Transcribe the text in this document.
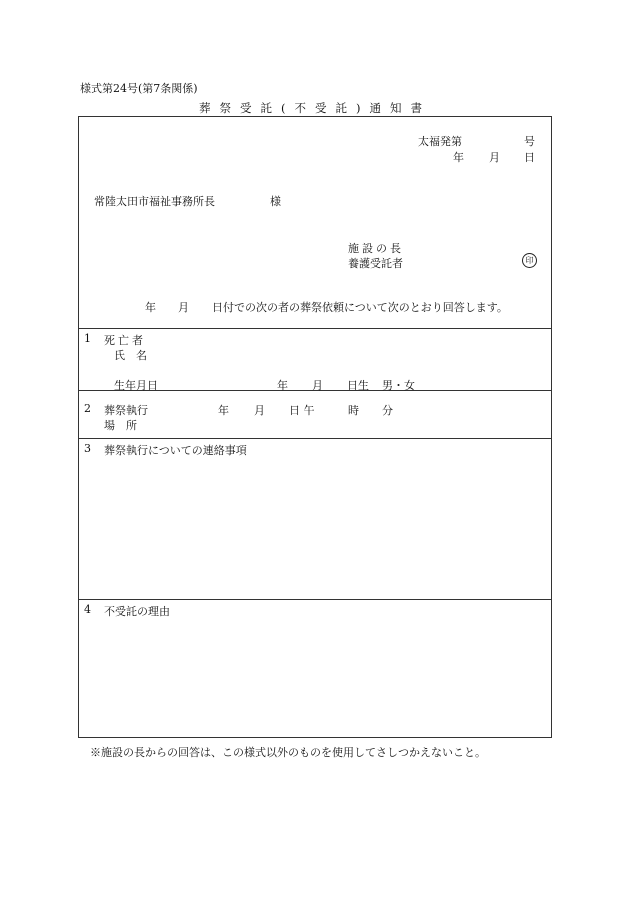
様式第24号(第7条関係)
葬祭受託(不受託)通知書
太福発第	号
年 月 日
常陸太田市福祉事務所長	様
施設の長
養護受託者	印
年 月 日付での次の者の葬祭依頼について次のとおり回答します。
1 死亡者
氏　名
生年月日	年 月 日生 男・女
2 葬祭執行	年 月 日 午	時 分
場　所
3 葬祭執行についての連絡事項
4 不受託の理由
※施設の長からの回答は、この様式以外のものを使用してさしつかえないこと。
